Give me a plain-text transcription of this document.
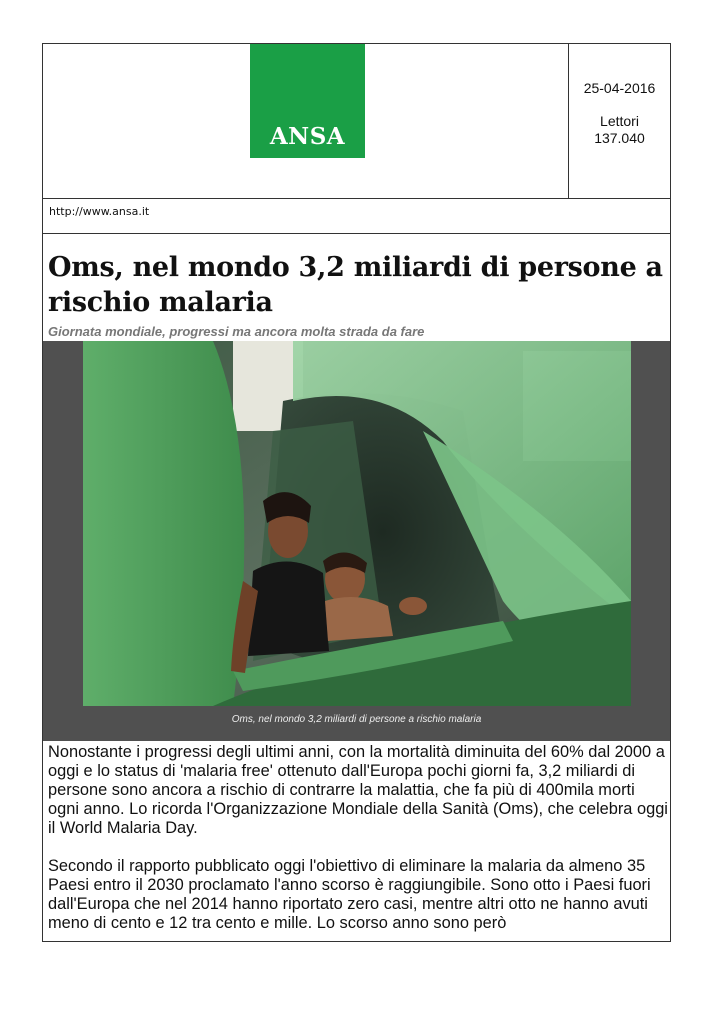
ANSA
25-04-2016
Lettori
137.040
http://www.ansa.it
Oms, nel mondo 3,2 miliardi di persone a rischio malaria
Giornata mondiale, progressi ma ancora molta strada da fare
Oms, nel mondo 3,2 miliardi di persone a rischio malaria

Nonostante i progressi degli ultimi anni, con la mortalità diminuita del 60% dal 2000 a oggi e lo status di 'malaria free' ottenuto dall'Europa pochi giorni fa, 3,2 miliardi di persone sono ancora a rischio di contrarre la malattia, che fa più di 400mila morti ogni anno. Lo ricorda l'Organizzazione Mondiale della Sanità (Oms), che celebra oggi il World Malaria Day.

Secondo il rapporto pubblicato oggi l'obiettivo di eliminare la malaria da almeno 35 Paesi entro il 2030 proclamato l'anno scorso è raggiungibile. Sono otto i Paesi fuori dall'Europa che nel 2014 hanno riportato zero casi, mentre altri otto ne hanno avuti meno di cento e 12 tra cento e mille. Lo scorso anno sono però
